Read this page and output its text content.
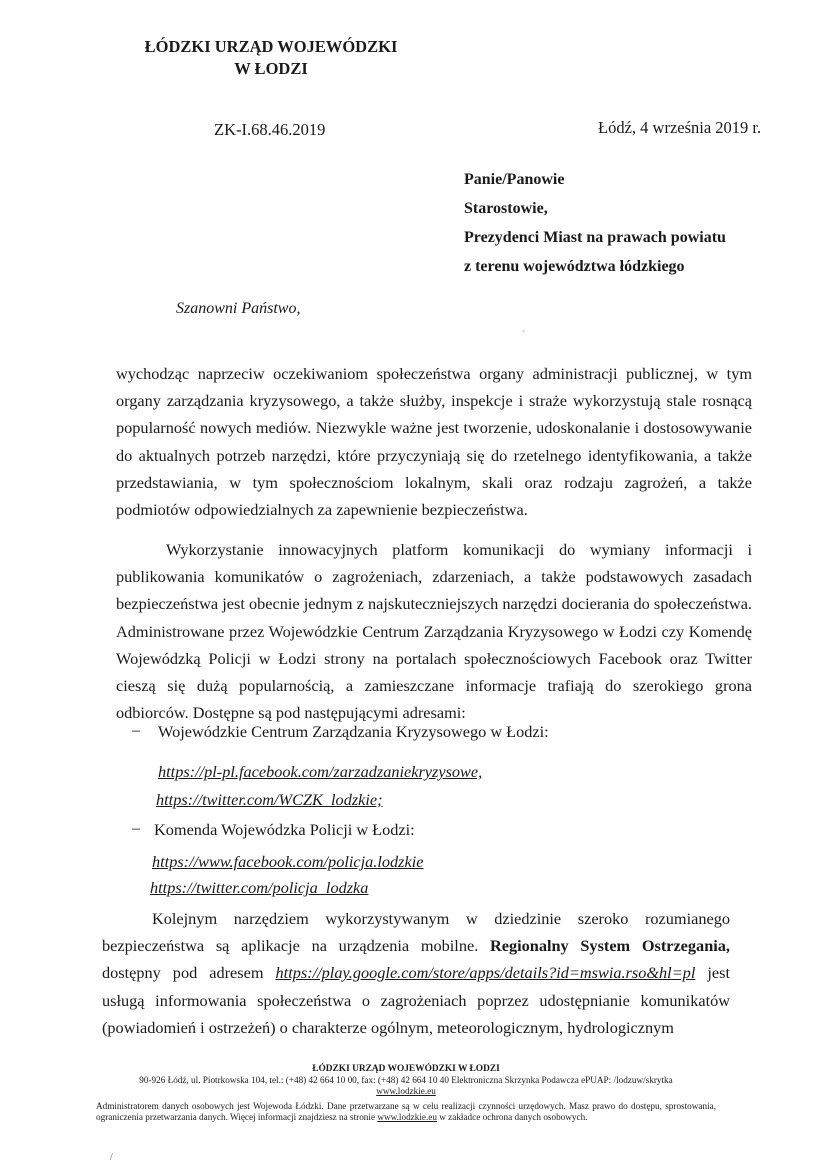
ŁÓDZKI URZĄD WOJEWÓDZKI
W ŁODZI
ZK-I.68.46.2019	Łódź, 4 września 2019 r.
Panie/Panowie
Starostowie,
Prezydenci Miast na prawach powiatu
z terenu województwa łódzkiego
Szanowni Państwo,
´
wychodząc naprzeciw oczekiwaniom społeczeństwa organy administracji publicznej, w tym organy zarządzania kryzysowego, a także służby, inspekcje i straże wykorzystują stale rosnącą popularność nowych mediów. Niezwykle ważne jest tworzenie, udoskonalanie i dostosowywanie do aktualnych potrzeb narzędzi, które przyczyniają się do rzetelnego identyfikowania, a także przedstawiania, w tym społecznościom lokalnym, skali oraz rodzaju zagrożeń, a także podmiotów odpowiedzialnych za zapewnienie bezpieczeństwa.
Wykorzystanie innowacyjnych platform komunikacji do wymiany informacji i publikowania komunikatów o zagrożeniach, zdarzeniach, a także podstawowych zasadach bezpieczeństwa jest obecnie jednym z najskuteczniejszych narzędzi docierania do społeczeństwa. Administrowane przez Wojewódzkie Centrum Zarządzania Kryzysowego w Łodzi czy Komendę Wojewódzką Policji w Łodzi strony na portalach społecznościowych Facebook oraz Twitter cieszą się dużą popularnością, a zamieszczane informacje trafiają do szerokiego grona odbiorców. Dostępne są pod następującymi adresami:
– Wojewódzkie Centrum Zarządzania Kryzysowego w Łodzi:
https://pl-pl.facebook.com/zarzadzaniekryzysowe,
https://twitter.com/WCZK_lodzkie;
– Komenda Wojewódzka Policji w Łodzi:
https://www.facebook.com/policja.lodzkie
https://twitter.com/policja_lodzka
Kolejnym narzędziem wykorzystywanym w dziedzinie szeroko rozumianego bezpieczeństwa są aplikacje na urządzenia mobilne. Regionalny System Ostrzegania, dostępny pod adresem https://play.google.com/store/apps/details?id=mswia.rso&hl=pl jest usługą informowania społeczeństwa o zagrożeniach poprzez udostępnianie komunikatów (powiadomień i ostrzeżeń) o charakterze ogólnym, meteorologicznym, hydrologicznym
ŁÓDZKI URZĄD WOJEWÓDZKI W ŁODZI
90-926 Łódź, ul. Piotrkowska 104, tel.: (+48) 42 664 10 00, fax: (+48) 42 664 10 40 Elektroniczna Skrzynka Podawcza ePUAP: /lodzuw/skrytka
www.lodzkie.eu
Administratorem danych osobowych jest Wojewoda Łódzki. Dane przetwarzane są w celu realizacji czynności urzędowych. Masz prawo do dostępu, sprostowania, ograniczenia przetwarzania danych. Więcej informacji znajdziesz na stronie www.lodzkie.eu w zakładce ochrona danych osobowych.
/
